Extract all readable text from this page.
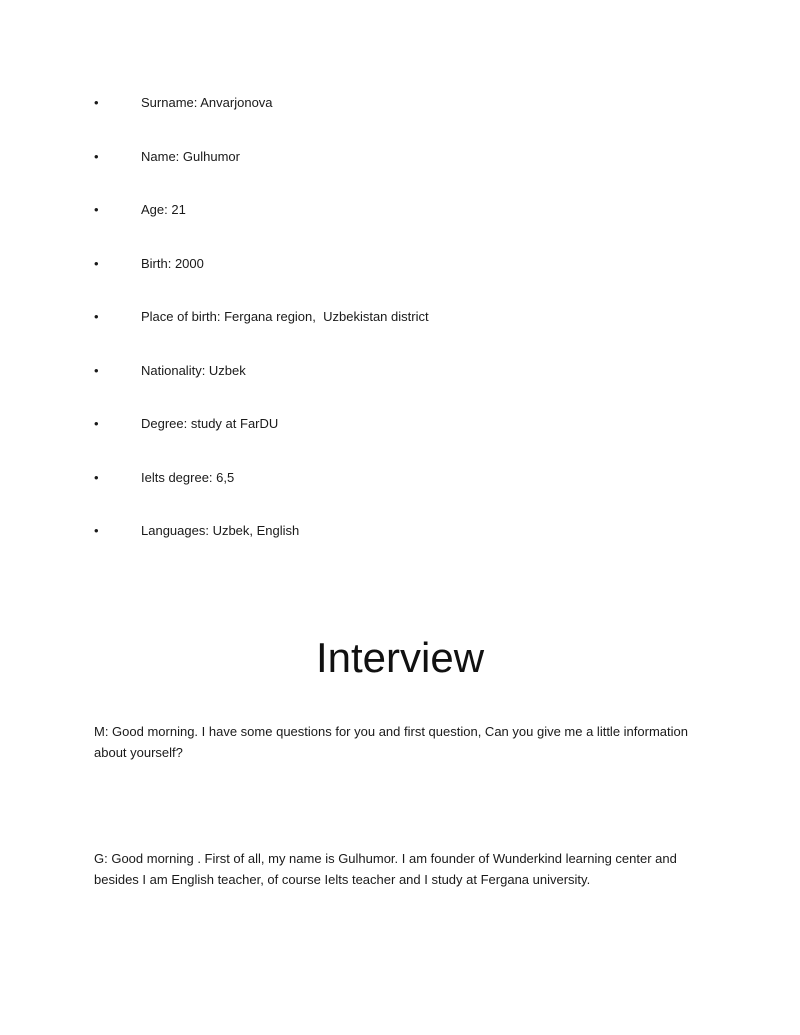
•	Surname: Anvarjonova
•	Name: Gulhumor
•	Age: 21
•	Birth: 2000
•	Place of birth: Fergana region,  Uzbekistan district
•	Nationality: Uzbek
•	Degree: study at FarDU
•	Ielts degree: 6,5
•	Languages: Uzbek, English
Interview

M: Good morning. I have some questions for you and first question, Can you give me a little information about yourself?

G: Good morning . First of all, my name is Gulhumor. I am founder of Wunderkind learning center and besides I am English teacher, of course Ielts teacher and I study at Fergana university.
